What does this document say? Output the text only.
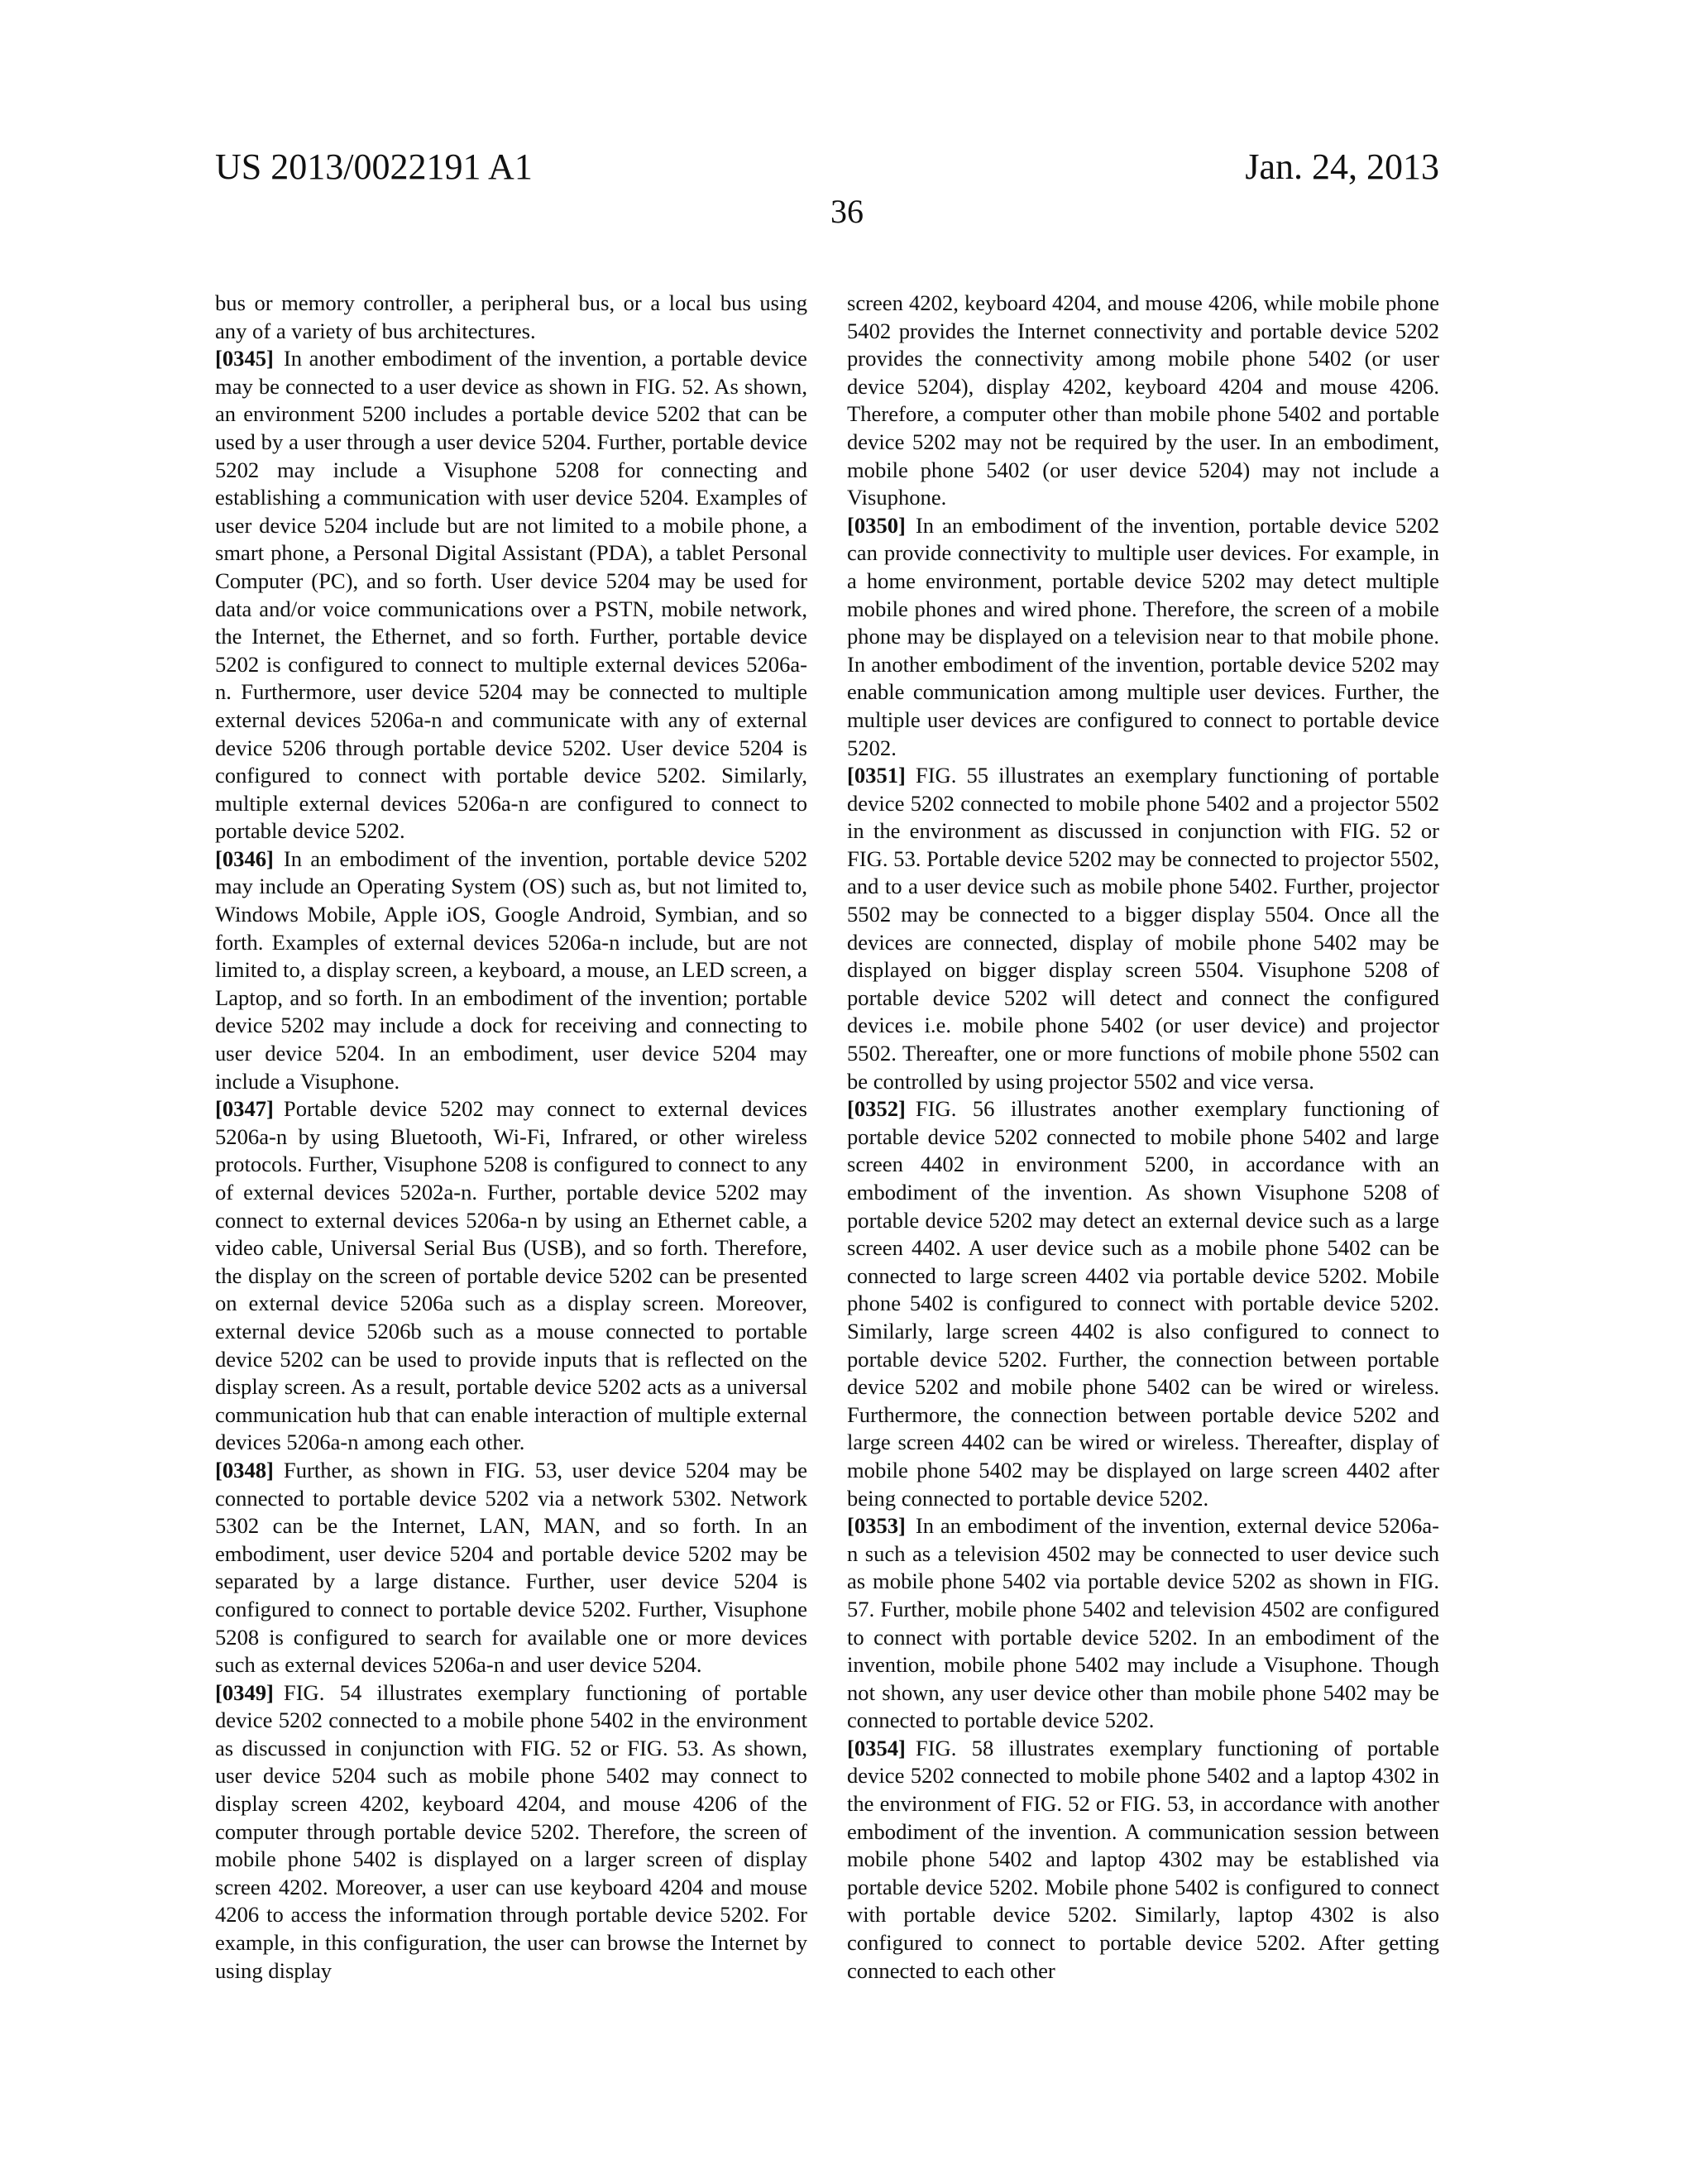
US 2013/0022191 A1	Jan. 24, 2013
36

bus or memory controller, a peripheral bus, or a local bus using any of a variety of bus architectures.

[0345] In another embodiment of the invention, a portable device may be connected to a user device as shown in FIG. 52. As shown, an environment 5200 includes a portable device 5202 that can be used by a user through a user device 5204. Further, portable device 5202 may include a Visuphone 5208 for connecting and establishing a communication with user device 5204. Examples of user device 5204 include but are not limited to a mobile phone, a smart phone, a Personal Digital Assistant (PDA), a tablet Personal Computer (PC), and so forth. User device 5204 may be used for data and/or voice communications over a PSTN, mobile network, the Internet, the Ethernet, and so forth. Further, portable device 5202 is configured to connect to multiple external devices 5206a-n. Furthermore, user device 5204 may be connected to multiple external devices 5206a-n and communicate with any of external device 5206 through portable device 5202. User device 5204 is configured to connect with portable device 5202. Similarly, multiple external devices 5206a-n are configured to connect to portable device 5202.

[0346] In an embodiment of the invention, portable device 5202 may include an Operating System (OS) such as, but not limited to, Windows Mobile, Apple iOS, Google Android, Symbian, and so forth. Examples of external devices 5206a-n include, but are not limited to, a display screen, a keyboard, a mouse, an LED screen, a Laptop, and so forth. In an embodiment of the invention; portable device 5202 may include a dock for receiving and connecting to user device 5204. In an embodiment, user device 5204 may include a Visuphone.

[0347] Portable device 5202 may connect to external devices 5206a-n by using Bluetooth, Wi-Fi, Infrared, or other wireless protocols. Further, Visuphone 5208 is configured to connect to any of external devices 5202a-n. Further, portable device 5202 may connect to external devices 5206a-n by using an Ethernet cable, a video cable, Universal Serial Bus (USB), and so forth. Therefore, the display on the screen of portable device 5202 can be presented on external device 5206a such as a display screen. Moreover, external device 5206b such as a mouse connected to portable device 5202 can be used to provide inputs that is reflected on the display screen. As a result, portable device 5202 acts as a universal communication hub that can enable interaction of multiple external devices 5206a-n among each other.

[0348] Further, as shown in FIG. 53, user device 5204 may be connected to portable device 5202 via a network 5302. Network 5302 can be the Internet, LAN, MAN, and so forth. In an embodiment, user device 5204 and portable device 5202 may be separated by a large distance. Further, user device 5204 is configured to connect to portable device 5202. Further, Visuphone 5208 is configured to search for available one or more devices such as external devices 5206a-n and user device 5204.

[0349] FIG. 54 illustrates exemplary functioning of portable device 5202 connected to a mobile phone 5402 in the environment as discussed in conjunction with FIG. 52 or FIG. 53. As shown, user device 5204 such as mobile phone 5402 may connect to display screen 4202, keyboard 4204, and mouse 4206 of the computer through portable device 5202. Therefore, the screen of mobile phone 5402 is displayed on a larger screen of display screen 4202. Moreover, a user can use keyboard 4204 and mouse 4206 to access the information through portable device 5202. For example, in this configuration, the user can browse the Internet by using display

screen 4202, keyboard 4204, and mouse 4206, while mobile phone 5402 provides the Internet connectivity and portable device 5202 provides the connectivity among mobile phone 5402 (or user device 5204), display 4202, keyboard 4204 and mouse 4206. Therefore, a computer other than mobile phone 5402 and portable device 5202 may not be required by the user. In an embodiment, mobile phone 5402 (or user device 5204) may not include a Visuphone.

[0350] In an embodiment of the invention, portable device 5202 can provide connectivity to multiple user devices. For example, in a home environment, portable device 5202 may detect multiple mobile phones and wired phone. Therefore, the screen of a mobile phone may be displayed on a television near to that mobile phone. In another embodiment of the invention, portable device 5202 may enable communication among multiple user devices. Further, the multiple user devices are configured to connect to portable device 5202.

[0351] FIG. 55 illustrates an exemplary functioning of portable device 5202 connected to mobile phone 5402 and a projector 5502 in the environment as discussed in conjunction with FIG. 52 or FIG. 53. Portable device 5202 may be connected to projector 5502, and to a user device such as mobile phone 5402. Further, projector 5502 may be connected to a bigger display 5504. Once all the devices are connected, display of mobile phone 5402 may be displayed on bigger display screen 5504. Visuphone 5208 of portable device 5202 will detect and connect the configured devices i.e. mobile phone 5402 (or user device) and projector 5502. Thereafter, one or more functions of mobile phone 5502 can be controlled by using projector 5502 and vice versa.

[0352] FIG. 56 illustrates another exemplary functioning of portable device 5202 connected to mobile phone 5402 and large screen 4402 in environment 5200, in accordance with an embodiment of the invention. As shown Visuphone 5208 of portable device 5202 may detect an external device such as a large screen 4402. A user device such as a mobile phone 5402 can be connected to large screen 4402 via portable device 5202. Mobile phone 5402 is configured to connect with portable device 5202. Similarly, large screen 4402 is also configured to connect to portable device 5202. Further, the connection between portable device 5202 and mobile phone 5402 can be wired or wireless. Furthermore, the connection between portable device 5202 and large screen 4402 can be wired or wireless. Thereafter, display of mobile phone 5402 may be displayed on large screen 4402 after being connected to portable device 5202.

[0353] In an embodiment of the invention, external device 5206a-n such as a television 4502 may be connected to user device such as mobile phone 5402 via portable device 5202 as shown in FIG. 57. Further, mobile phone 5402 and television 4502 are configured to connect with portable device 5202. In an embodiment of the invention, mobile phone 5402 may include a Visuphone. Though not shown, any user device other than mobile phone 5402 may be connected to portable device 5202.

[0354] FIG. 58 illustrates exemplary functioning of portable device 5202 connected to mobile phone 5402 and a laptop 4302 in the environment of FIG. 52 or FIG. 53, in accordance with another embodiment of the invention. A communication session between mobile phone 5402 and laptop 4302 may be established via portable device 5202. Mobile phone 5402 is configured to connect with portable device 5202. Similarly, laptop 4302 is also configured to connect to portable device 5202. After getting connected to each other
